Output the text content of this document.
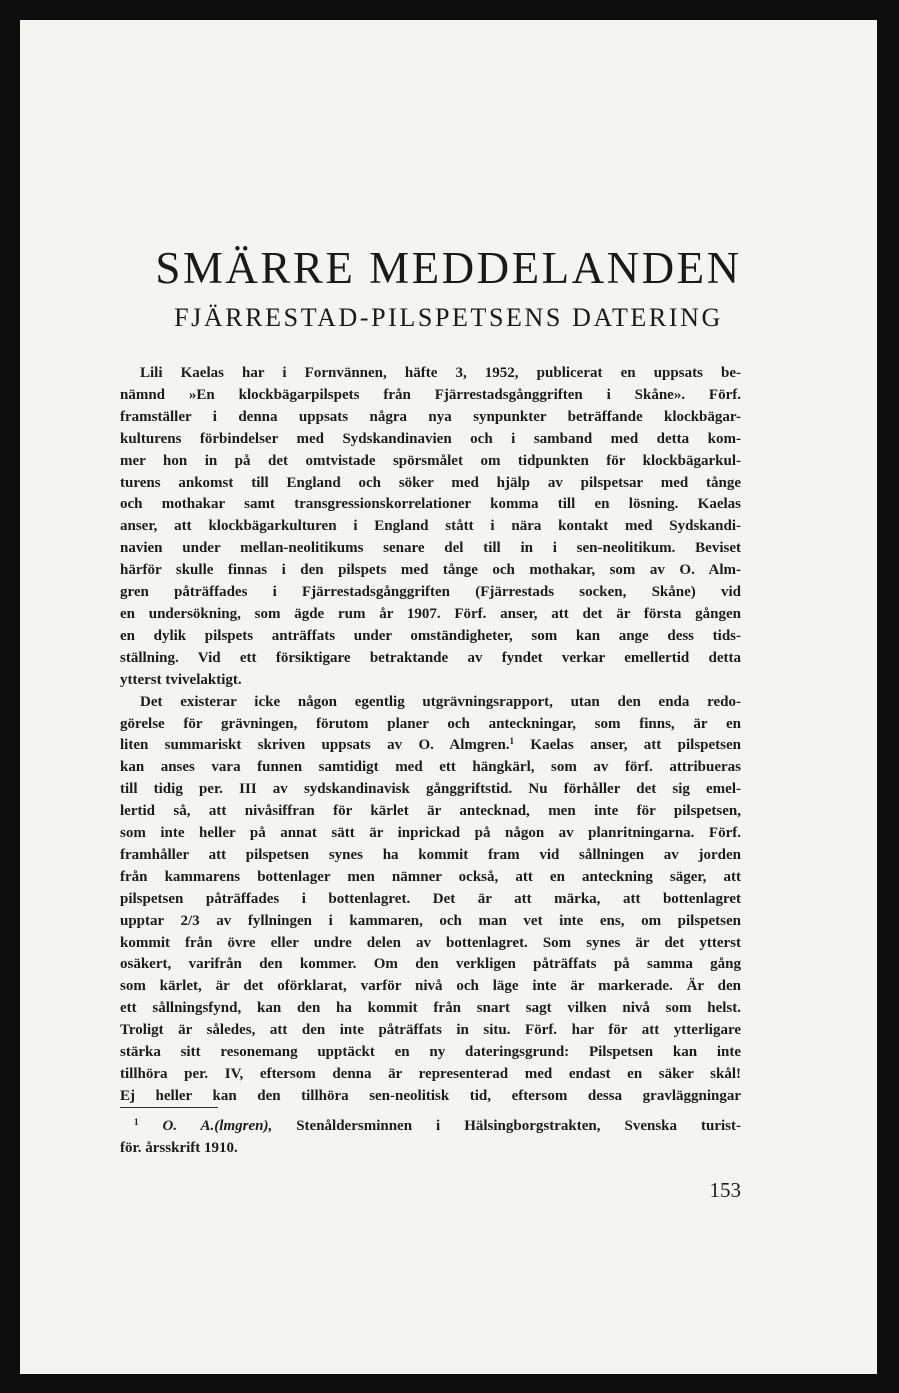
SMÄRRE MEDDELANDEN
FJÄRRESTAD-PILSPETSENS DATERING

Lili Kaelas har i Fornvännen, häfte 3, 1952, publicerat en uppsats be-

nämnd »En klockbägarpilspets från Fjärrestadsgånggriften i Skåne». Förf.

framställer i denna uppsats några nya synpunkter beträffande klockbägar-

kulturens förbindelser med Sydskandinavien och i samband med detta kom-

mer hon in på det omtvistade spörsmålet om tidpunkten för klockbägarkul-

turens ankomst till England och söker med hjälp av pilspetsar med tånge

och mothakar samt transgressionskorrelationer komma till en lösning. Kaelas

anser, att klockbägarkulturen i England stått i nära kontakt med Sydskandi-

navien under mellan-neolitikums senare del till in i sen-neolitikum. Beviset

härför skulle finnas i den pilspets med tånge och mothakar, som av O. Alm-

gren påträffades i Fjärrestadsgånggriften (Fjärrestads socken, Skåne) vid

en undersökning, som ägde rum år 1907. Förf. anser, att det är första gången

en dylik pilspets anträffats under omständigheter, som kan ange dess tids-

ställning. Vid ett försiktigare betraktande av fyndet verkar emellertid detta

ytterst tvivelaktigt.

Det existerar icke någon egentlig utgrävningsrapport, utan den enda redo-

görelse för grävningen, förutom planer och anteckningar, som finns, är en

liten summariskt skriven uppsats av O. Almgren.$^1$ Kaelas anser, att pilspetsen

kan anses vara funnen samtidigt med ett hängkärl, som av förf. attribueras

till tidig per. III av sydskandinavisk gånggriftstid. Nu förhåller det sig emel-

lertid så, att nivåsiffran för kärlet är antecknad, men inte för pilspetsen,

som inte heller på annat sätt är inprickad på någon av planritningarna. Förf.

framhåller att pilspetsen synes ha kommit fram vid sållningen av jorden

från kammarens bottenlager men nämner också, att en anteckning säger, att

pilspetsen påträffades i bottenlagret. Det är att märka, att bottenlagret

upptar 2/3 av fyllningen i kammaren, och man vet inte ens, om pilspetsen

kommit från övre eller undre delen av bottenlagret. Som synes är det ytterst

osäkert, varifrån den kommer. Om den verkligen påträffats på samma gång

som kärlet, är det oförklarat, varför nivå och läge inte är markerade. Är den

ett sållningsfynd, kan den ha kommit från snart sagt vilken nivå som helst.

Troligt är således, att den inte påträffats in situ. Förf. har för att ytterligare

stärka sitt resonemang upptäckt en ny dateringsgrund: Pilspetsen kan inte

tillhöra per. IV, eftersom denna är representerad med endast en säker skål!

Ej heller kan den tillhöra sen-neolitisk tid, eftersom dessa gravläggningar

$^1$ O. A.(lmgren), Stenåldersminnen i Hälsingborgstrakten, Svenska turist-

för. årsskrift 1910.

153
